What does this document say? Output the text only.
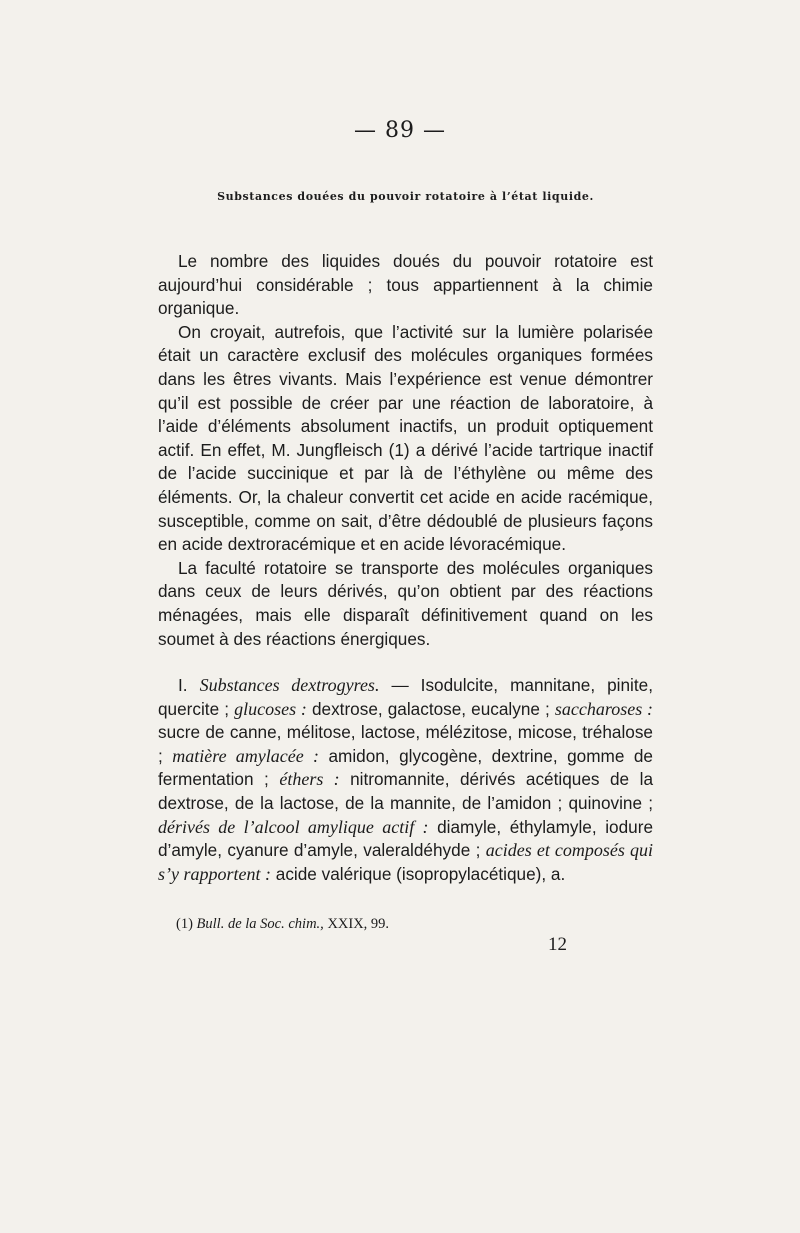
— 89 —
Substances douées du pouvoir rotatoire à l’état liquide.

Le nombre des liquides doués du pouvoir rotatoire est aujourd’hui considérable ; tous appartiennent à la chimie organique.

On croyait, autrefois, que l’activité sur la lumière polarisée était un caractère exclusif des molécules organiques formées dans les êtres vivants. Mais l’expérience est venue démontrer qu’il est possible de créer par une réaction de laboratoire, à l’aide d’éléments absolument inactifs, un produit optiquement actif. En effet, M. Jungfleisch (1) a dérivé l’acide tartrique inactif de l’acide succinique et par là de l’éthylène ou même des éléments. Or, la chaleur convertit cet acide en acide racémique, susceptible, comme on sait, d’être dédoublé de plusieurs façons en acide dextroracémique et en acide lévoracémique.

La faculté rotatoire se transporte des molécules organiques dans ceux de leurs dérivés, qu’on obtient par des réactions ménagées, mais elle disparaît définitivement quand on les soumet à des réactions énergiques.

I. Substances dextrogyres. — Isodulcite, mannitane, pinite, quercite ; glucoses : dextrose, galactose, eucalyne ; saccharoses : sucre de canne, mélitose, lactose, mélézitose, micose, tréhalose ; matière amylacée : amidon, glycogène, dextrine, gomme de fermentation ; éthers : nitromannite, dérivés acétiques de la dextrose, de la lactose, de la mannite, de l’amidon ; quinovine ; dérivés de l’alcool amylique actif : diamyle, éthylamyle, iodure d’amyle, cyanure d’amyle, valeraldéhyde ; acides et composés qui s’y rapportent : acide valérique (isopropylacétique), a.

(1) Bull. de la Soc. chim., XXIX, 99.
12
